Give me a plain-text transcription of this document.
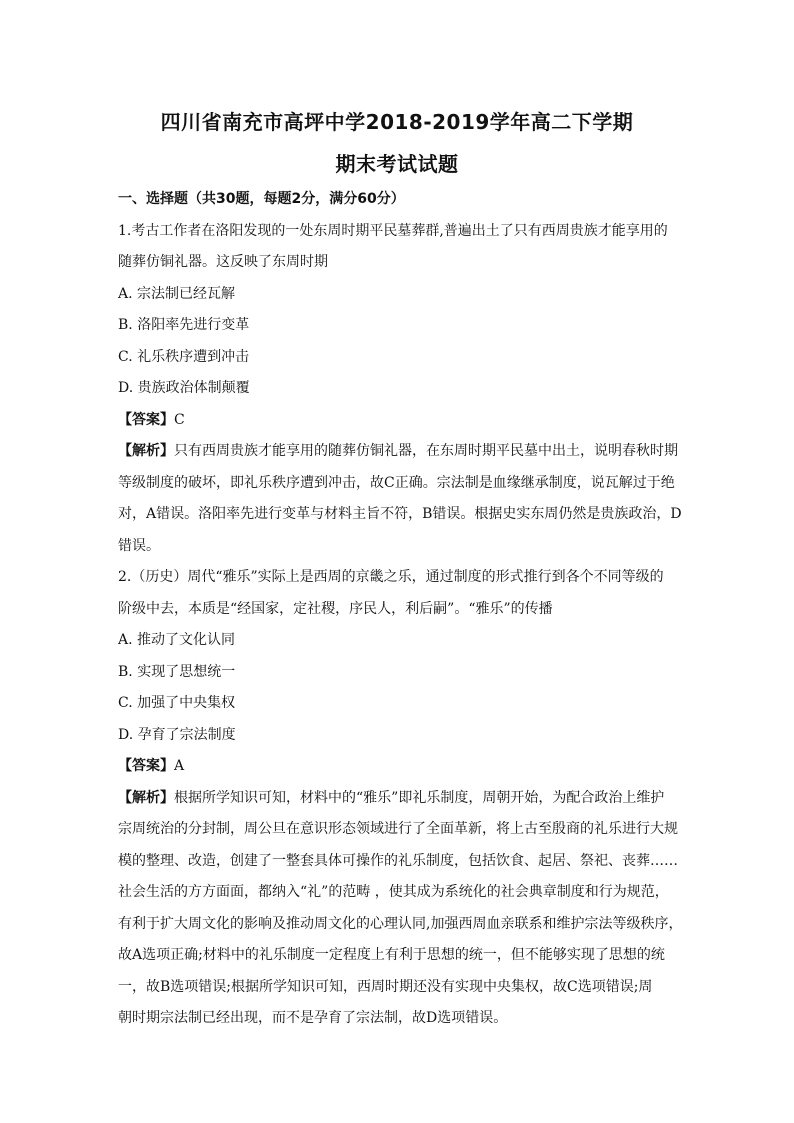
四川省南充市高坪中学2018-2019学年高二下学期
期末考试试题
一、选择题（共30题，每题2分，满分60分）
1.考古工作者在洛阳发现的一处东周时期平民墓葬群,普遍出土了只有西周贵族才能享用的
随葬仿铜礼器。这反映了东周时期
A. 宗法制已经瓦解
B. 洛阳率先进行变革
C. 礼乐秩序遭到冲击
D. 贵族政治体制颠覆
【答案】C
【解析】只有西周贵族才能享用的随葬仿铜礼器，在东周时期平民墓中出土，说明春秋时期
等级制度的破坏，即礼乐秩序遭到冲击，故C正确。宗法制是血缘继承制度，说瓦解过于绝
对，A错误。洛阳率先进行变革与材料主旨不符，B错误。根据史实东周仍然是贵族政治，D
错误。
2.（历史）周代“雅乐”实际上是西周的京畿之乐，通过制度的形式推行到各个不同等级的
阶级中去，本质是“经国家，定社稷，序民人，利后嗣”。“雅乐”的传播
A. 推动了文化认同
B. 实现了思想统一
C. 加强了中央集权
D. 孕育了宗法制度
【答案】A
【解析】根据所学知识可知，材料中的“雅乐”即礼乐制度，周朝开始，为配合政治上维护
宗周统治的分封制，周公旦在意识形态领域进行了全面革新，将上古至殷商的礼乐进行大规
模的整理、改造，创建了一整套具体可操作的礼乐制度，包括饮食、起居、祭祀、丧葬……
社会生活的方方面面，都纳入“礼”的范畴 ，使其成为系统化的社会典章制度和行为规范，
有利于扩大周文化的影响及推动周文化的心理认同,加强西周血亲联系和维护宗法等级秩序，
故A选项正确;材料中的礼乐制度一定程度上有利于思想的统一，但不能够实现了思想的统
一，故B选项错误;根据所学知识可知，西周时期还没有实现中央集权，故C选项错误;周
朝时期宗法制已经出现，而不是孕育了宗法制，故D选项错误。
